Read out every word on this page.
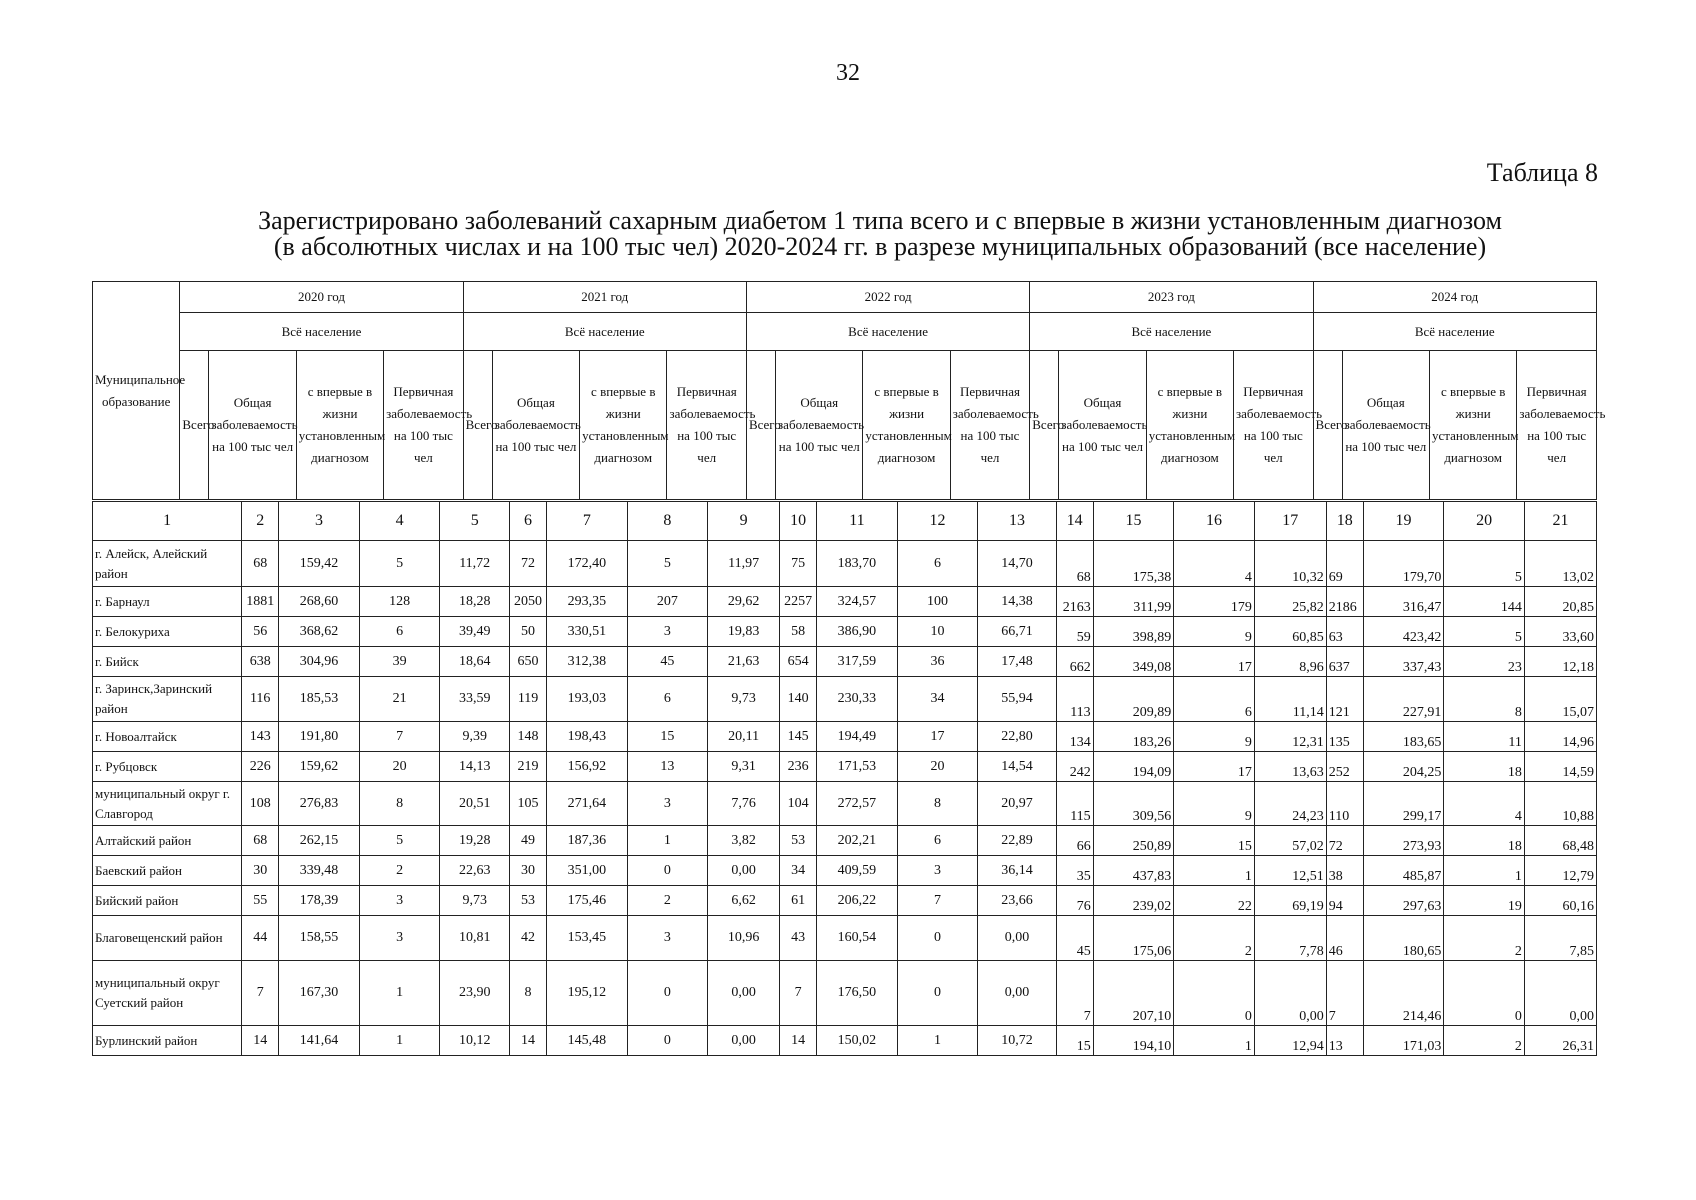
32
Таблица 8
Зарегистрировано заболеваний сахарным диабетом 1 типа всего и с впервые в жизни установленным диагнозом
(в абсолютных числах и на 100 тыс чел) 2020-2024 гг. в разрезе муниципальных образований (все население)
Муниципальное образование	2020 год				2021 год				2022 год				2023 год				2024 год			
	Всё население				Всё население				Всё население				Всё население				Всё население			
	Всего	Общая заболеваемость на 100 тыс чел	с впервые в жизни установленным диагнозом	Первичная заболеваемость на 100 тыс чел	Всего	Общая заболеваемость на 100 тыс чел	с впервые в жизни установленным диагнозом	Первичная заболеваемость на 100 тыс чел	Всего	Общая заболеваемость на 100 тыс чел	с впервые в жизни установленным диагнозом	Первичная заболеваемость на 100 тыс чел	Всего	Общая заболеваемость на 100 тыс чел	с впервые в жизни установленным диагнозом	Первичная заболеваемость на 100 тыс чел	Всего	Общая заболеваемость на 100 тыс чел	с впервые в жизни установленным диагнозом	Первичная заболеваемость на 100 тыс чел
1	2	3	4	5	6	7	8	9	10	11	12	13	14	15	16	17	18	19	20	21
г. Алейск, Алейский район	68	159,42	5	11,72	72	172,40	5	11,97	75	183,70	6	14,70	68	175,38	4	10,32	69	179,70	5	13,02
г. Барнаул	1881	268,60	128	18,28	2050	293,35	207	29,62	2257	324,57	100	14,38	2163	311,99	179	25,82	2186	316,47	144	20,85
г. Белокуриха	56	368,62	6	39,49	50	330,51	3	19,83	58	386,90	10	66,71	59	398,89	9	60,85	63	423,42	5	33,60
г. Бийск	638	304,96	39	18,64	650	312,38	45	21,63	654	317,59	36	17,48	662	349,08	17	8,96	637	337,43	23	12,18
г. Заринск,Заринский район	116	185,53	21	33,59	119	193,03	6	9,73	140	230,33	34	55,94	113	209,89	6	11,14	121	227,91	8	15,07
г. Новоалтайск	143	191,80	7	9,39	148	198,43	15	20,11	145	194,49	17	22,80	134	183,26	9	12,31	135	183,65	11	14,96
г. Рубцовск	226	159,62	20	14,13	219	156,92	13	9,31	236	171,53	20	14,54	242	194,09	17	13,63	252	204,25	18	14,59
муниципальный округ г. Славгород	108	276,83	8	20,51	105	271,64	3	7,76	104	272,57	8	20,97	115	309,56	9	24,23	110	299,17	4	10,88
Алтайский район	68	262,15	5	19,28	49	187,36	1	3,82	53	202,21	6	22,89	66	250,89	15	57,02	72	273,93	18	68,48
Баевский район	30	339,48	2	22,63	30	351,00	0	0,00	34	409,59	3	36,14	35	437,83	1	12,51	38	485,87	1	12,79
Бийский район	55	178,39	3	9,73	53	175,46	2	6,62	61	206,22	7	23,66	76	239,02	22	69,19	94	297,63	19	60,16
Благовещенский район	44	158,55	3	10,81	42	153,45	3	10,96	43	160,54	0	0,00	45	175,06	2	7,78	46	180,65	2	7,85
муниципальный округ Суетский район	7	167,30	1	23,90	8	195,12	0	0,00	7	176,50	0	0,00	7	207,10	0	0,00	7	214,46	0	0,00
Бурлинский район	14	141,64	1	10,12	14	145,48	0	0,00	14	150,02	1	10,72	15	194,10	1	12,94	13	171,03	2	26,31
